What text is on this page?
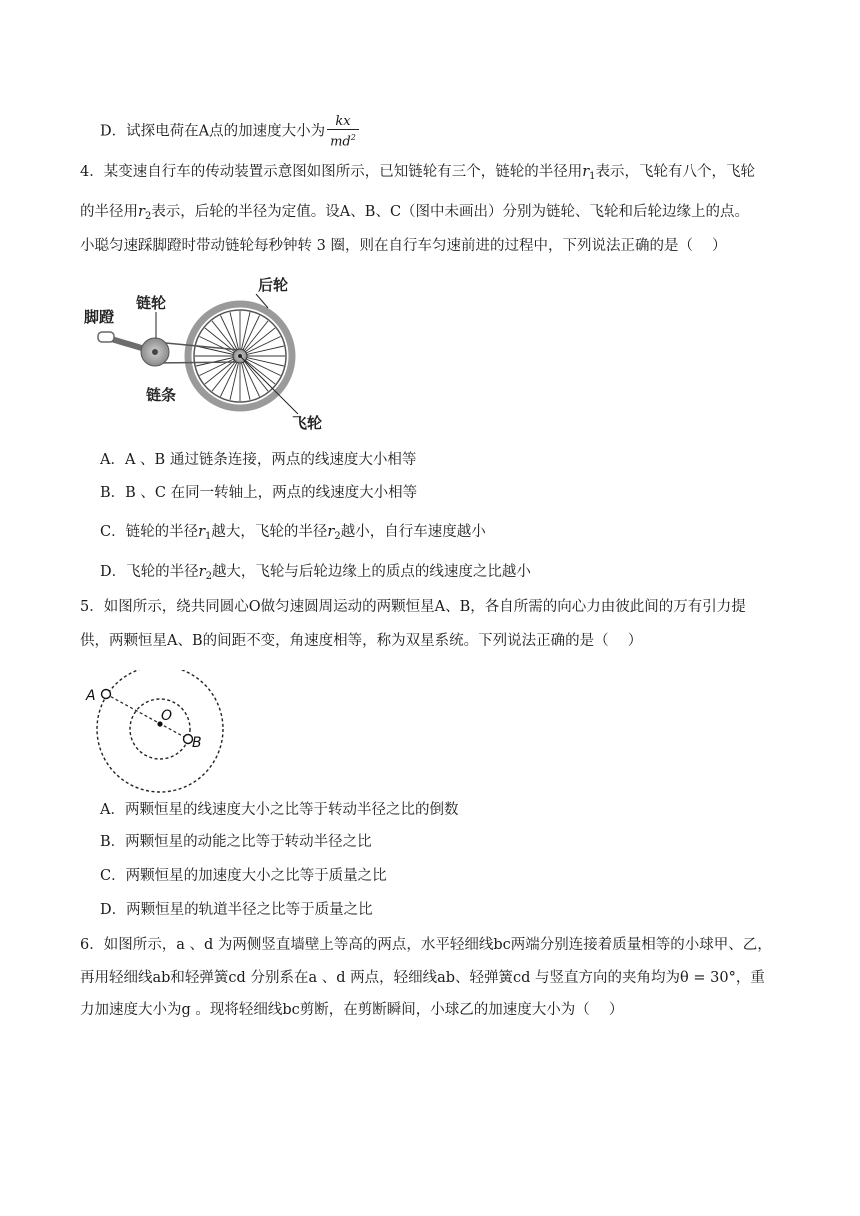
D．试探电荷在A点的加速度大小为 $\frac{kx}{md^2}$
4．某变速自行车的传动装置示意图如图所示，已知链轮有三个，链轮的半径用$r_1$表示，飞轮有八个，飞轮
的半径用$r_2$表示，后轮的半径为定值。设A、B、C（图中未画出）分别为链轮、飞轮和后轮边缘上的点。
小聪匀速踩脚蹬时带动链轮每秒钟转 3 圈，则在自行车匀速前进的过程中，下列说法正确的是（　 ）
脚蹬
链轮
后轮
链条
飞轮
A．A 、B 通过链条连接，两点的线速度大小相等
B．B 、C 在同一转轴上，两点的线速度大小相等
C．链轮的半径$r_1$越大，飞轮的半径$r_2$越小，自行车速度越小
D．飞轮的半径$r_2$越大，飞轮与后轮边缘上的质点的线速度之比越小
5．如图所示，绕共同圆心O做匀速圆周运动的两颗恒星A、B，各自所需的向心力由彼此间的万有引力提
供，两颗恒星A、B的间距不变，角速度相等，称为双星系统。下列说法正确的是（　 ）
A
O
B
A．两颗恒星的线速度大小之比等于转动半径之比的倒数
B．两颗恒星的动能之比等于转动半径之比
C．两颗恒星的加速度大小之比等于质量之比
D．两颗恒星的轨道半径之比等于质量之比
6．如图所示，a 、d 为两侧竖直墙壁上等高的两点，水平轻细线bc两端分别连接着质量相等的小球甲、乙，
再用轻细线ab和轻弹簧cd 分别系在a 、d 两点，轻细线ab、轻弹簧cd 与竖直方向的夹角均为θ = 30°，重
力加速度大小为g 。现将轻细线bc剪断，在剪断瞬间，小球乙的加速度大小为（　 ）
